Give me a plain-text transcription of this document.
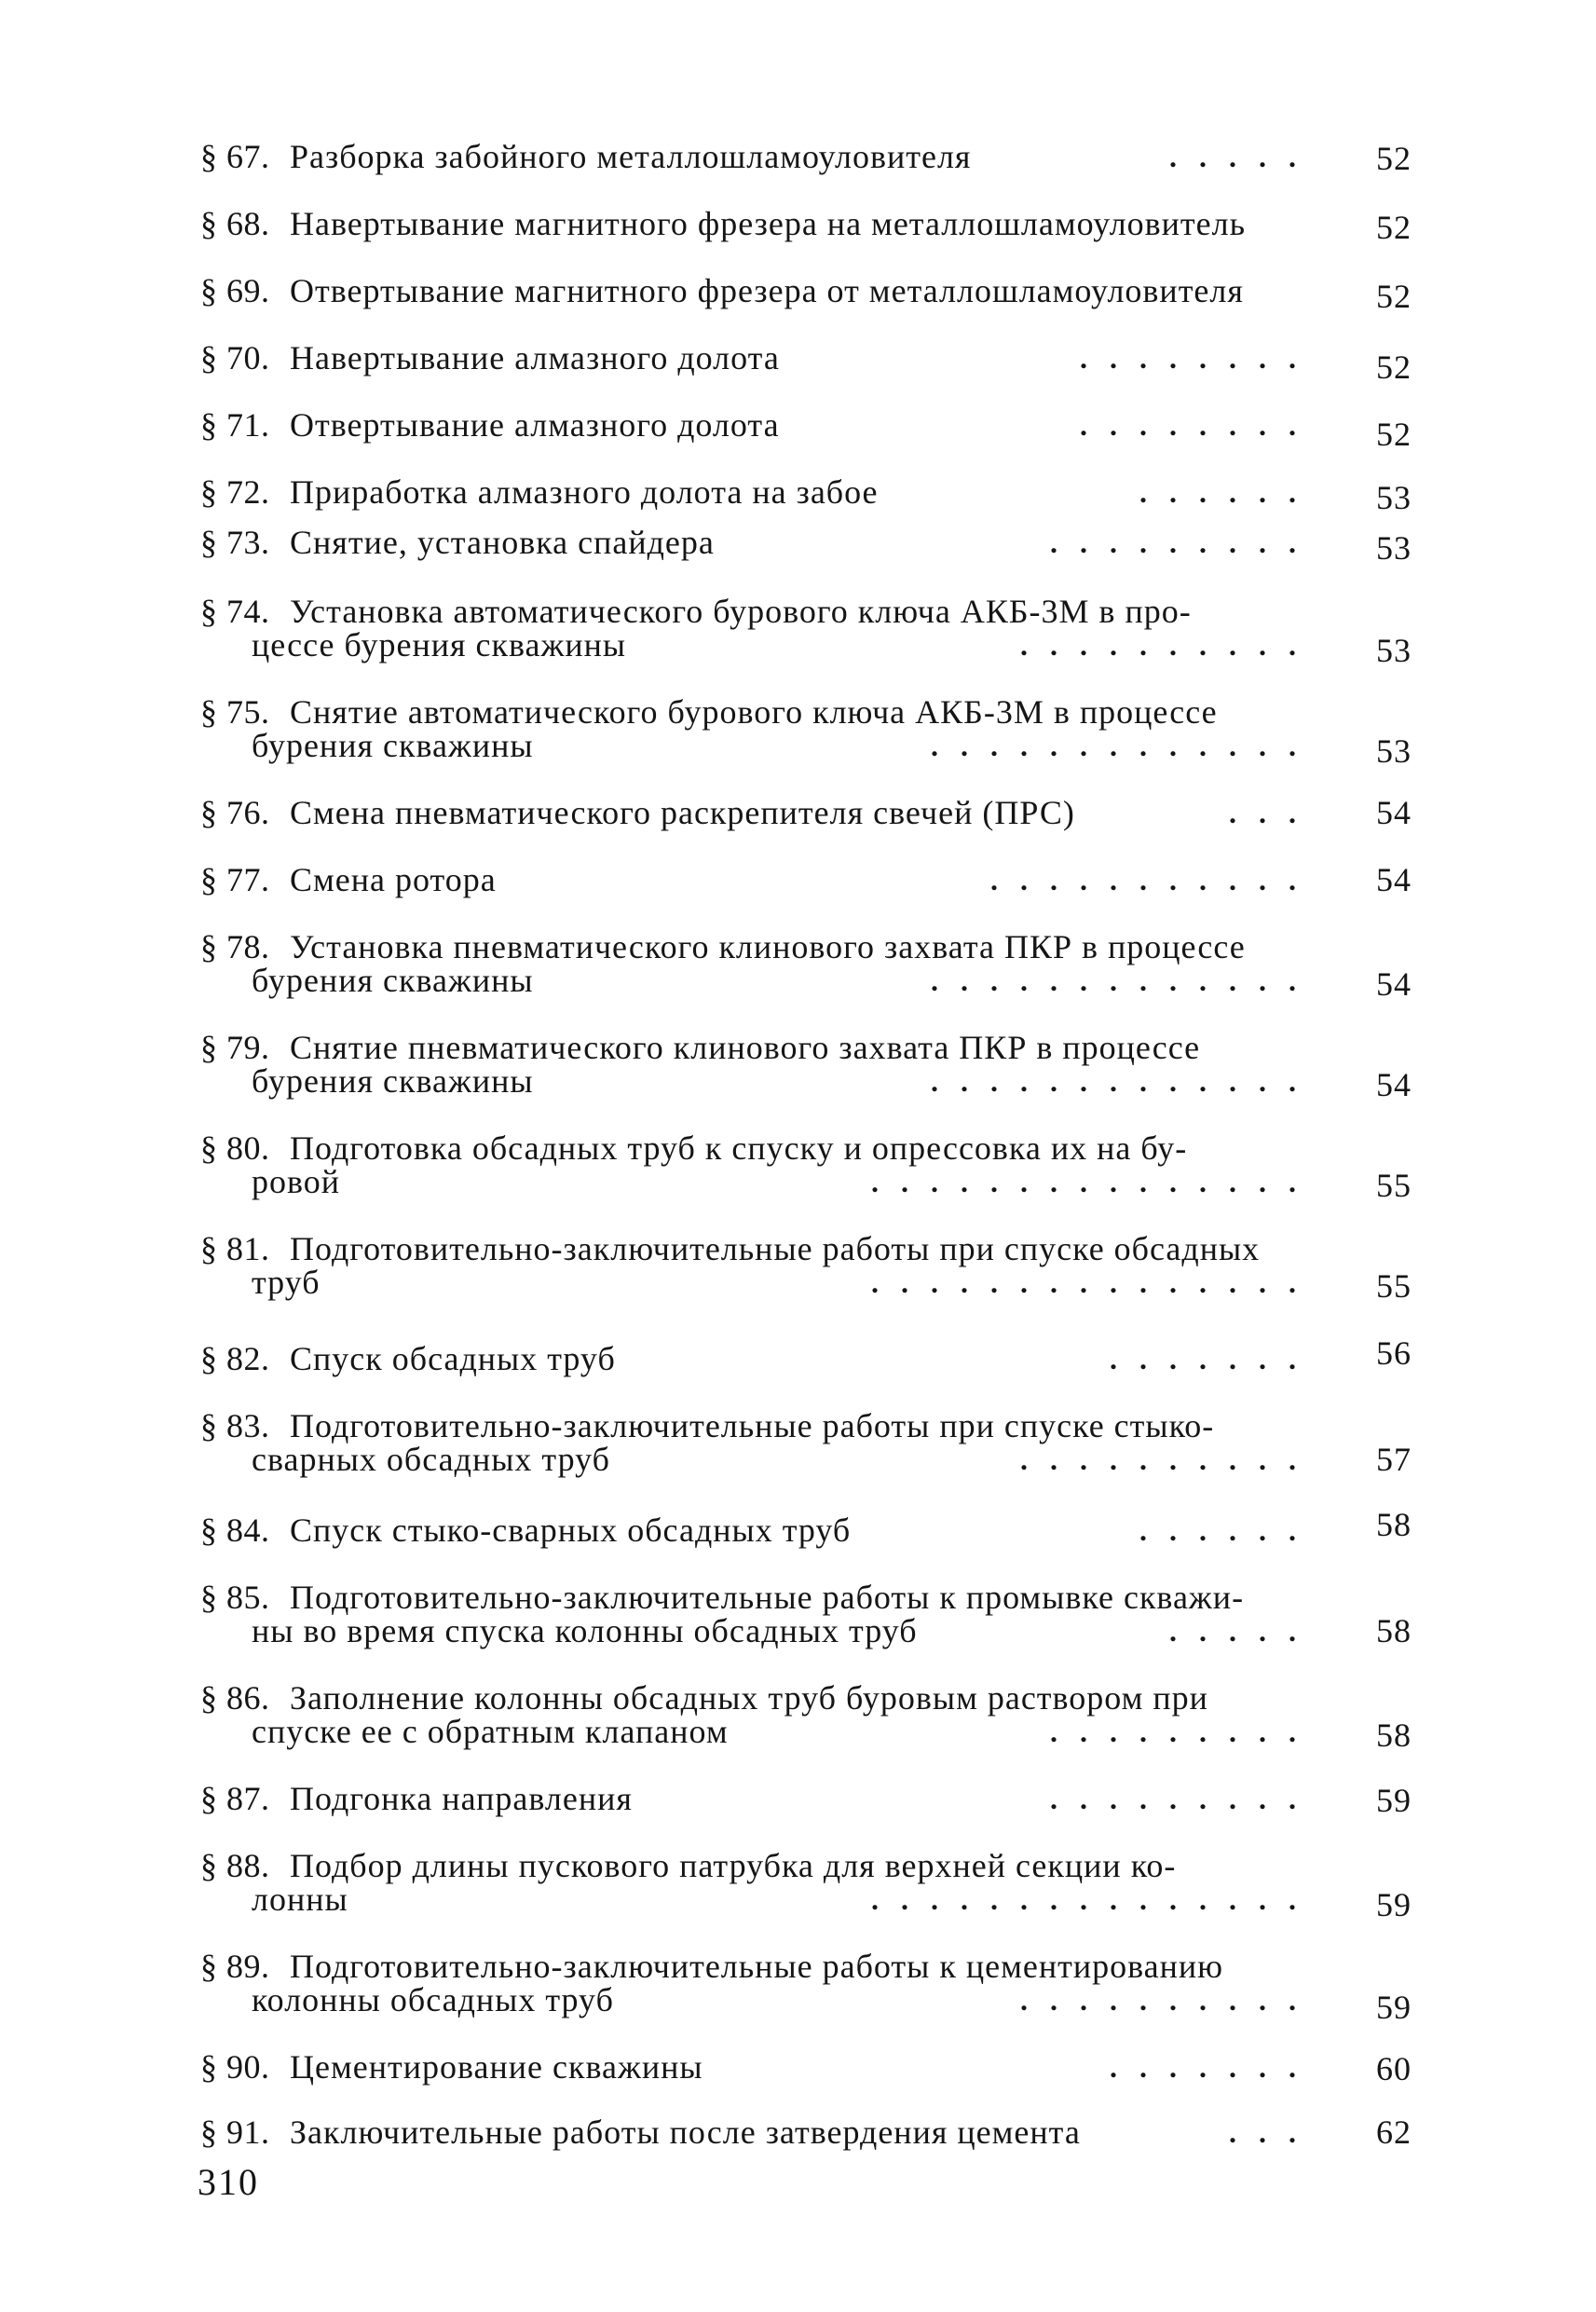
§ 67. Разборка забойного металлошламоуловителя	.....	52
§ 68. Навертывание магнитного фрезера на металлошламоуловитель	52
§ 69. Отвертывание магнитного фрезера от металлошламоуловителя	52
§ 70. Навертывание алмазного долота	........	52
§ 71. Отвертывание алмазного долота	........	52
§ 72. Приработка алмазного долота на забое	......	53
§ 73. Снятие, установка спайдера	.........	53
§ 74. Установка автоматического бурового ключа АКБ-3М в про-
цессе бурения скважины	..........	53
§ 75. Снятие автоматического бурового ключа АКБ-3М в процессе
бурения скважины	.............	53
§ 76. Смена пневматического раскрепителя свечей (ПРС)	...	54
§ 77. Смена ротора	...........	54
§ 78. Установка пневматического клинового захвата ПКР в процессе
бурения скважины	.............	54
§ 79. Снятие пневматического клинового захвата ПКР в процессе
бурения скважины	.............	54
§ 80. Подготовка обсадных труб к спуску и опрессовка их на бу-
ровой	...............	55
§ 81. Подготовительно-заключительные работы при спуске обсадных
труб	...............	55
§ 82. Спуск обсадных труб	.......	56
§ 83. Подготовительно-заключительные работы при спуске стыко-
сварных обсадных труб	..........	57
§ 84. Спуск стыко-сварных обсадных труб	......	58
§ 85. Подготовительно-заключительные работы к промывке скважи-
ны во время спуска колонны обсадных труб	.....	58
§ 86. Заполнение колонны обсадных труб буровым раствором при
спуске ее с обратным клапаном	.........	58
§ 87. Подгонка направления	.........	59
§ 88. Подбор длины пускового патрубка для верхней секции ко-
лонны	...............	59
§ 89. Подготовительно-заключительные работы к цементированию
колонны обсадных труб	..........	59
§ 90. Цементирование скважины	.......	60
§ 91. Заключительные работы после затвердения цемента	...	62
310
